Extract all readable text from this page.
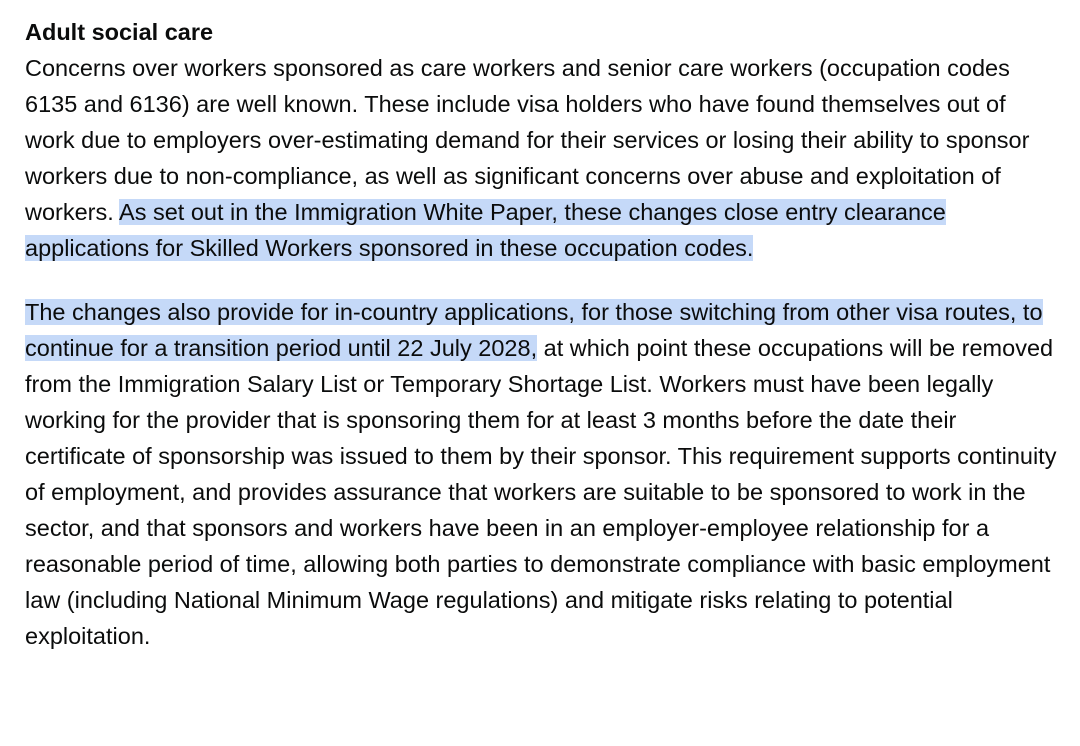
Adult social care

Concerns over workers sponsored as care workers and senior care workers (occupation codes 6135 and 6136) are well known. These include visa holders who have found themselves out of work due to employers over-estimating demand for their services or losing their ability to sponsor workers due to non-compliance, as well as significant concerns over abuse and exploitation of workers. As set out in the Immigration White Paper, these changes close entry clearance applications for Skilled Workers sponsored in these occupation codes.

The changes also provide for in-country applications, for those switching from other visa routes, to continue for a transition period until 22 July 2028, at which point these occupations will be removed from the Immigration Salary List or Temporary Shortage List. Workers must have been legally working for the provider that is sponsoring them for at least 3 months before the date their certificate of sponsorship was issued to them by their sponsor. This requirement supports continuity of employment, and provides assurance that workers are suitable to be sponsored to work in the sector, and that sponsors and workers have been in an employer-employee relationship for a reasonable period of time, allowing both parties to demonstrate compliance with basic employment law (including National Minimum Wage regulations) and mitigate risks relating to potential exploitation.
